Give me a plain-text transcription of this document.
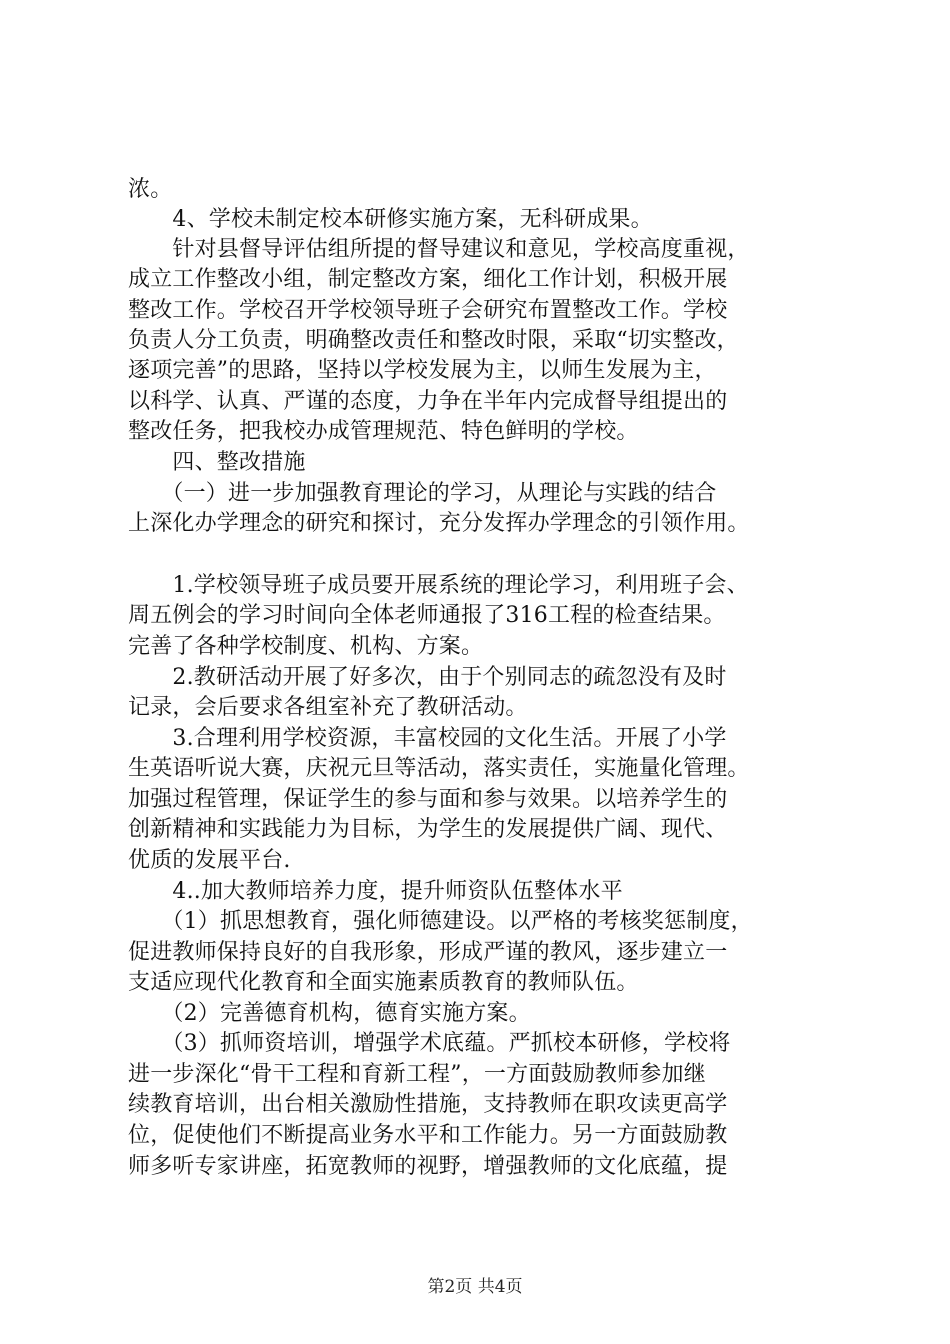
浓。
　　4、学校未制定校本研修实施方案，无科研成果。
　　针对县督导评估组所提的督导建议和意见，学校高度重视，
成立工作整改小组，制定整改方案，细化工作计划，积极开展
整改工作。学校召开学校领导班子会研究布置整改工作。学校
负责人分工负责，明确整改责任和整改时限，采取“切实整改，
逐项完善”的思路，坚持以学校发展为主，以师生发展为主，
以科学、认真、严谨的态度，力争在半年内完成督导组提出的
整改任务，把我校办成管理规范、特色鲜明的学校。
　　四、整改措施
　　（一）进一步加强教育理论的学习，从理论与实践的结合
上深化办学理念的研究和探讨，充分发挥办学理念的引领作用。
　　1.学校领导班子成员要开展系统的理论学习，利用班子会、
周五例会的学习时间向全体老师通报了316工程的检查结果。
完善了各种学校制度、机构、方案。
　　2.教研活动开展了好多次，由于个别同志的疏忽没有及时
记录，会后要求各组室补充了教研活动。
　　3.合理利用学校资源，丰富校园的文化生活。开展了小学
生英语听说大赛，庆祝元旦等活动，落实责任，实施量化管理。
加强过程管理，保证学生的参与面和参与效果。以培养学生的
创新精神和实践能力为目标，为学生的发展提供广阔、现代、
优质的发展平台.
　　4..加大教师培养力度，提升师资队伍整体水平
　　（1）抓思想教育，强化师德建设。以严格的考核奖惩制度，
促进教师保持良好的自我形象，形成严谨的教风，逐步建立一
支适应现代化教育和全面实施素质教育的教师队伍。
　　（2）完善德育机构，德育实施方案。
　　（3）抓师资培训，增强学术底蕴。严抓校本研修，学校将
进一步深化“骨干工程和育新工程”，一方面鼓励教师参加继
续教育培训，出台相关激励性措施，支持教师在职攻读更高学
位，促使他们不断提高业务水平和工作能力。另一方面鼓励教
师多听专家讲座，拓宽教师的视野，增强教师的文化底蕴，提
第2页 共4页
